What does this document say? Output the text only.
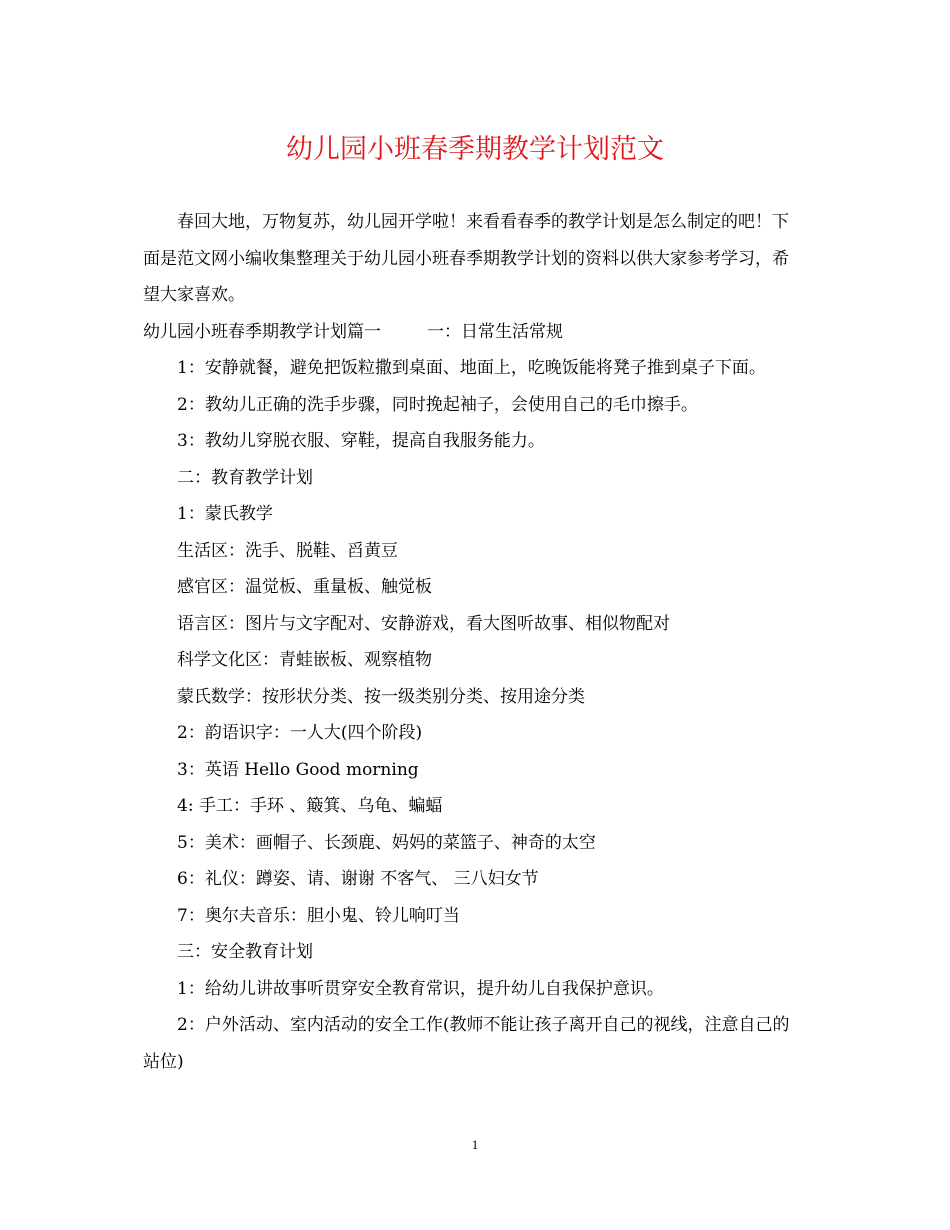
幼儿园小班春季期教学计划范文

春回大地，万物复苏，幼儿园开学啦！来看看春季的教学计划是怎么制定的吧！下面是范文网小编收集整理关于幼儿园小班春季期教学计划的资料以供大家参考学习，希望大家喜欢。

幼儿园小班春季期教学计划篇一	一：日常生活常规

1：安静就餐，避免把饭粒撒到桌面、地面上，吃晚饭能将凳子推到桌子下面。

2：教幼儿正确的洗手步骤，同时挽起袖子，会使用自己的毛巾擦手。

3：教幼儿穿脱衣服、穿鞋，提高自我服务能力。

二：教育教学计划

1：蒙氏教学

生活区：洗手、脱鞋、舀黄豆

感官区：温觉板、重量板、触觉板

语言区：图片与文字配对、安静游戏，看大图听故事、相似物配对

科学文化区：青蛙嵌板、观察植物

蒙氏数学：按形状分类、按一级类别分类、按用途分类

2：韵语识字：一人大(四个阶段)

3：英语 Hello Good morning

4: 手工：手环 、簸箕、乌龟、蝙蝠

5：美术：画帽子、长颈鹿、妈妈的菜篮子、神奇的太空

6：礼仪：蹲姿、请、谢谢 不客气、 三八妇女节

7：奥尔夫音乐：胆小鬼、铃儿响叮当

三：安全教育计划

1：给幼儿讲故事听贯穿安全教育常识，提升幼儿自我保护意识。

2：户外活动、室内活动的安全工作(教师不能让孩子离开自己的视线，注意自己的站位)

1
